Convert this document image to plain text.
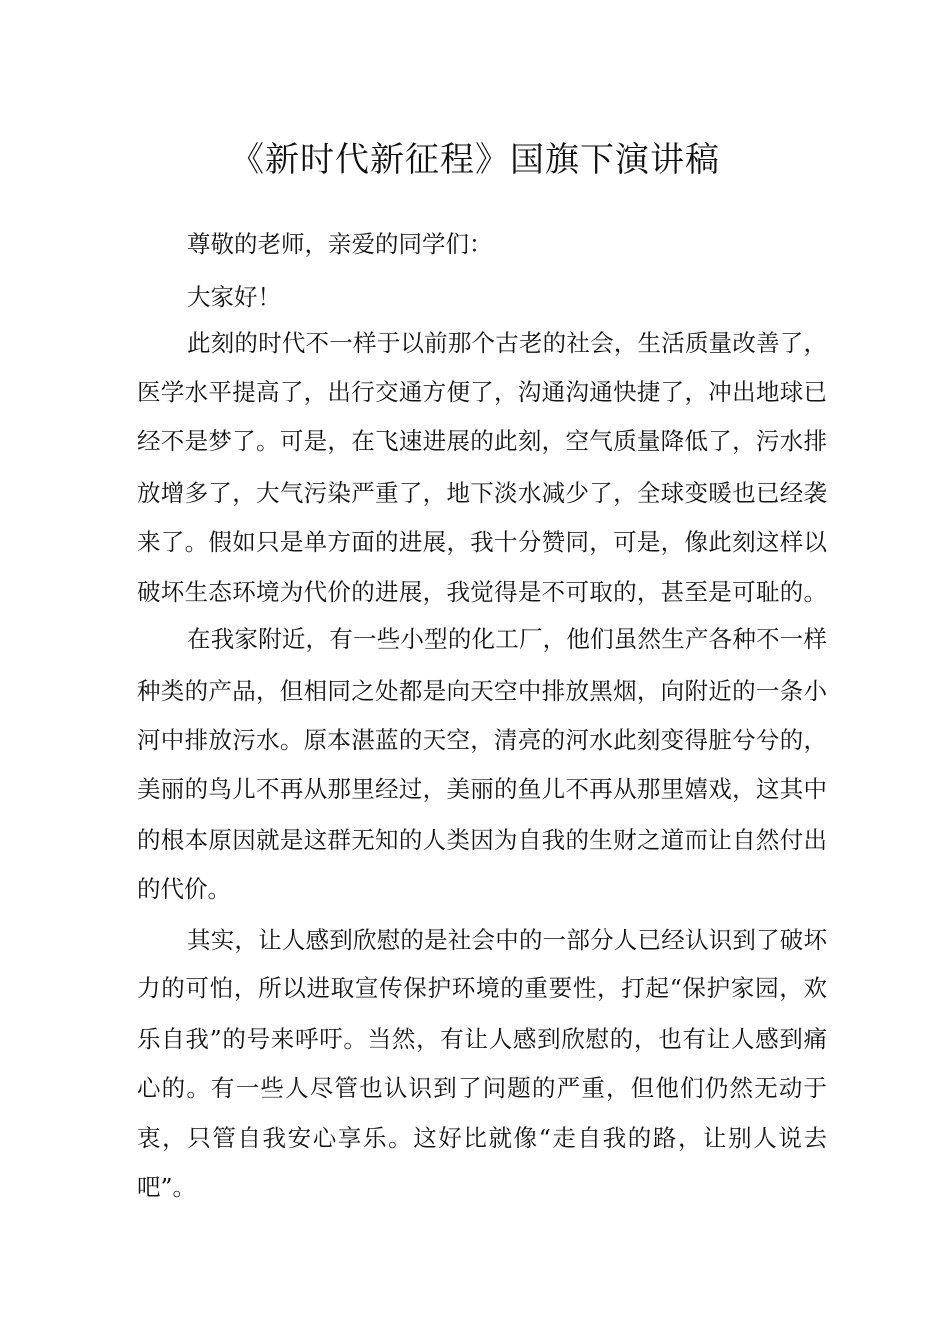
《新时代新征程》国旗下演讲稿
尊敬的老师，亲爱的同学们：
大家好！
此刻的时代不一样于以前那个古老的社会，生活质量改善了，
医学水平提高了，出行交通方便了，沟通沟通快捷了，冲出地球已
经不是梦了。可是，在飞速进展的此刻，空气质量降低了，污水排
放增多了，大气污染严重了，地下淡水减少了，全球变暖也已经袭
来了。假如只是单方面的进展，我十分赞同，可是，像此刻这样以
破坏生态环境为代价的进展，我觉得是不可取的，甚至是可耻的。
在我家附近，有一些小型的化工厂，他们虽然生产各种不一样
种类的产品，但相同之处都是向天空中排放黑烟，向附近的一条小
河中排放污水。原本湛蓝的天空，清亮的河水此刻变得脏兮兮的，
美丽的鸟儿不再从那里经过，美丽的鱼儿不再从那里嬉戏，这其中
的根本原因就是这群无知的人类因为自我的生财之道而让自然付出
的代价。
其实，让人感到欣慰的是社会中的一部分人已经认识到了破坏
力的可怕，所以进取宣传保护环境的重要性，打起“保护家园，欢
乐自我”的号来呼吁。当然，有让人感到欣慰的，也有让人感到痛
心的。有一些人尽管也认识到了问题的严重，但他们仍然无动于
衷，只管自我安心享乐。这好比就像“走自我的路，让别人说去
吧”。
